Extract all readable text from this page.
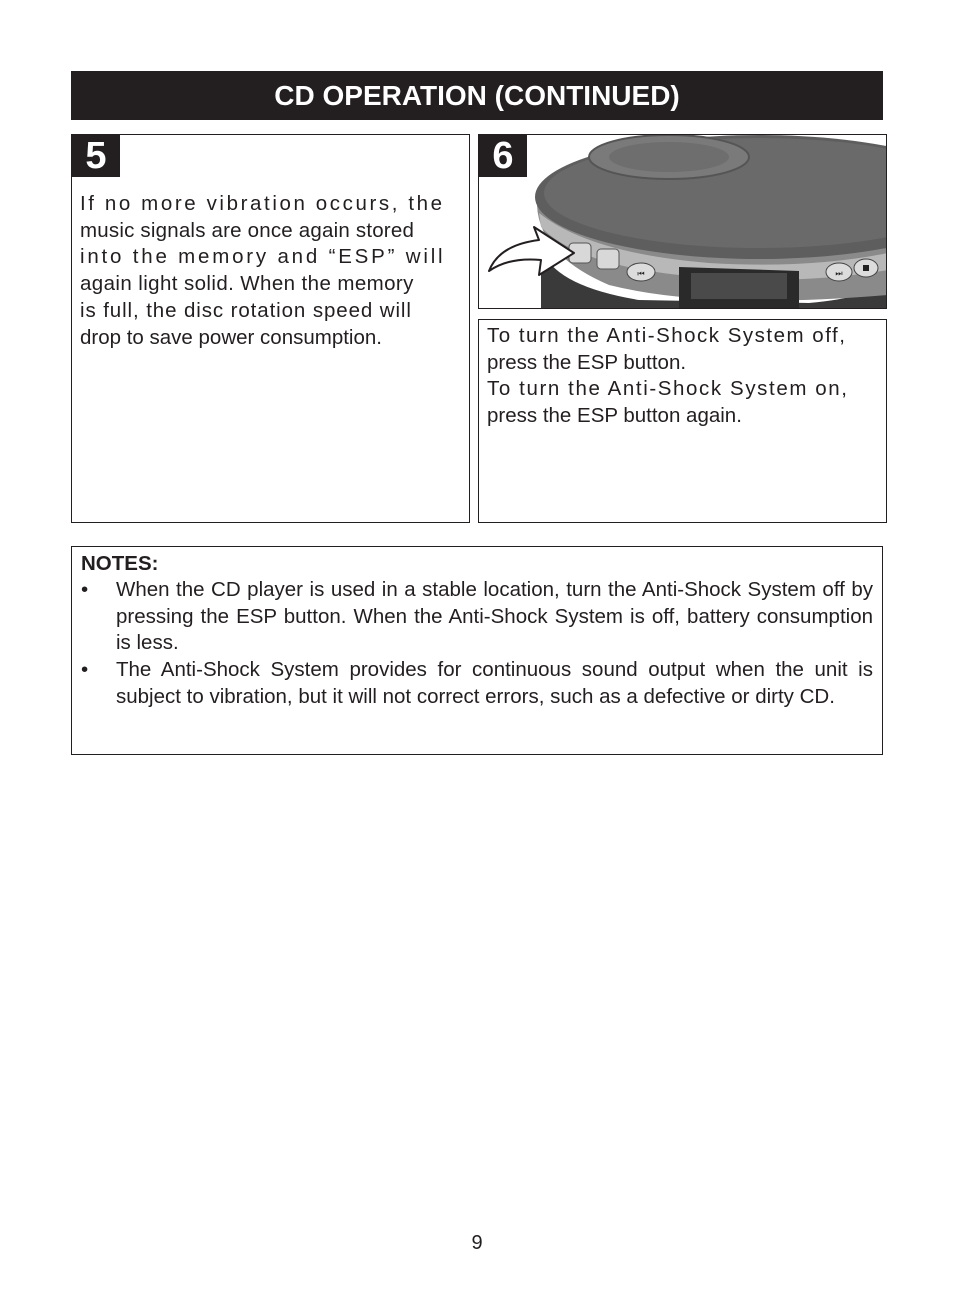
CD OPERATION (CONTINUED)
5
If no more vibration occurs, the
music signals are once again stored
into the memory and “ESP” will
again light solid. When the memory
is full, the disc rotation speed will
drop to save power consumption.
⏮	⏭
6
To turn the Anti-Shock System off,
press the ESP button.
To turn the Anti-Shock System on,
press the ESP button again.
NOTES:
•	When the CD player is used in a stable location, turn the Anti-Shock System off by pressing the ESP button. When the Anti-Shock System is off, battery consumption is less.
•	The Anti-Shock System provides for continuous sound output when the unit is subject to vibration, but it will not correct errors, such as a defective or dirty CD.
9
